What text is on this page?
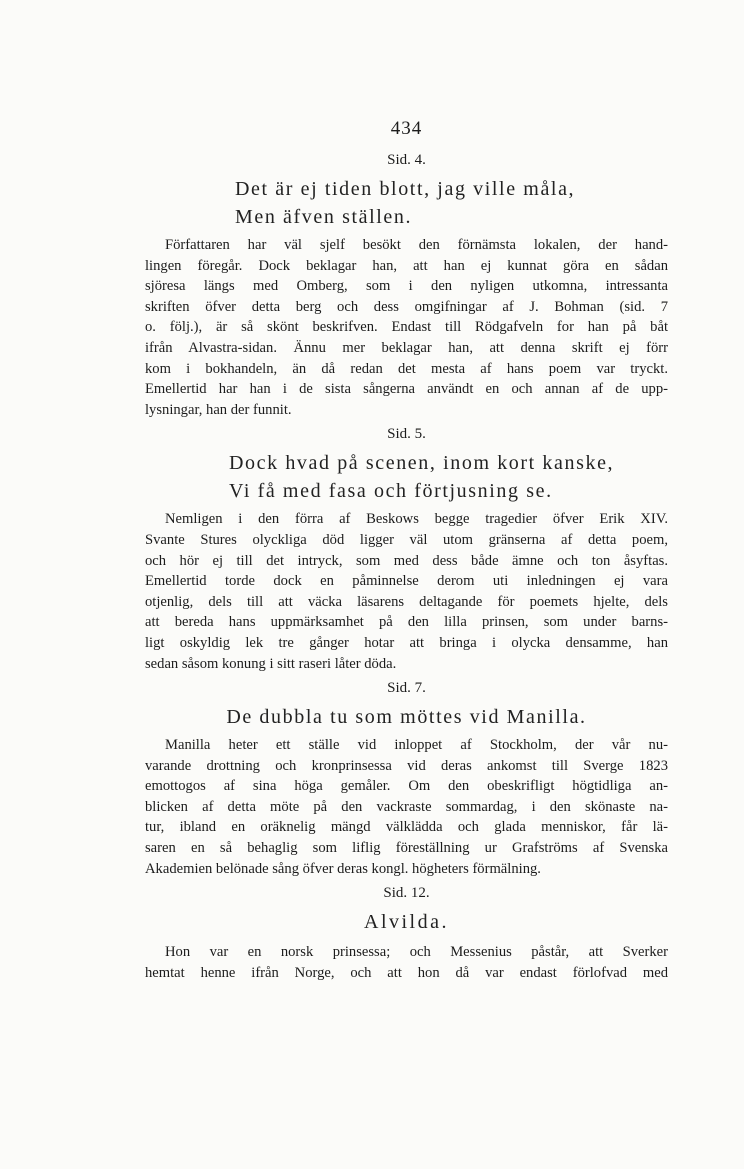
434
Sid. 4.
Det är ej tiden blott, jag ville måla,
Men äfven ställen.
Författaren har väl sjelf besökt den förnämsta lokalen, der hand-
lingen föregår. Dock beklagar han, att han ej kunnat göra en sådan
sjöresa längs med Omberg, som i den nyligen utkomna, intressanta
skriften öfver detta berg och dess omgifningar af J. Bohman (sid. 7
o. följ.), är så skönt beskrifven. Endast till Rödgafveln for han på båt
ifrån Alvastra-sidan. Ännu mer beklagar han, att denna skrift ej förr
kom i bokhandeln, än då redan det mesta af hans poem var tryckt.
Emellertid har han i de sista sångerna användt en och annan af de upp-
lysningar, han der funnit.
Sid. 5.
Dock hvad på scenen, inom kort kanske,
Vi få med fasa och förtjusning se.
Nemligen i den förra af Beskows begge tragedier öfver Erik XIV.
Svante Stures olyckliga död ligger väl utom gränserna af detta poem,
och hör ej till det intryck, som med dess både ämne och ton åsyftas.
Emellertid torde dock en påminnelse derom uti inledningen ej vara
otjenlig, dels till att väcka läsarens deltagande för poemets hjelte, dels
att bereda hans uppmärksamhet på den lilla prinsen, som under barns-
ligt oskyldig lek tre gånger hotar att bringa i olycka densamme, han
sedan såsom konung i sitt raseri låter döda.
Sid. 7.
De dubbla tu som möttes vid Manilla.
Manilla heter ett ställe vid inloppet af Stockholm, der vår nu-
varande drottning och kronprinsessa vid deras ankomst till Sverge 1823
emottogos af sina höga gemåler. Om den obeskrifligt högtidliga an-
blicken af detta möte på den vackraste sommardag, i den skönaste na-
tur, ibland en oräknelig mängd välklädda och glada menniskor, får lä-
saren en så behaglig som liflig föreställning ur Grafströms af Svenska
Akademien belönade sång öfver deras kongl. högheters förmälning.
Sid. 12.
Alvilda.
Hon var en norsk prinsessa; och Messenius påstår, att Sverker
hemtat henne ifrån Norge, och att hon då var endast förlofvad med
